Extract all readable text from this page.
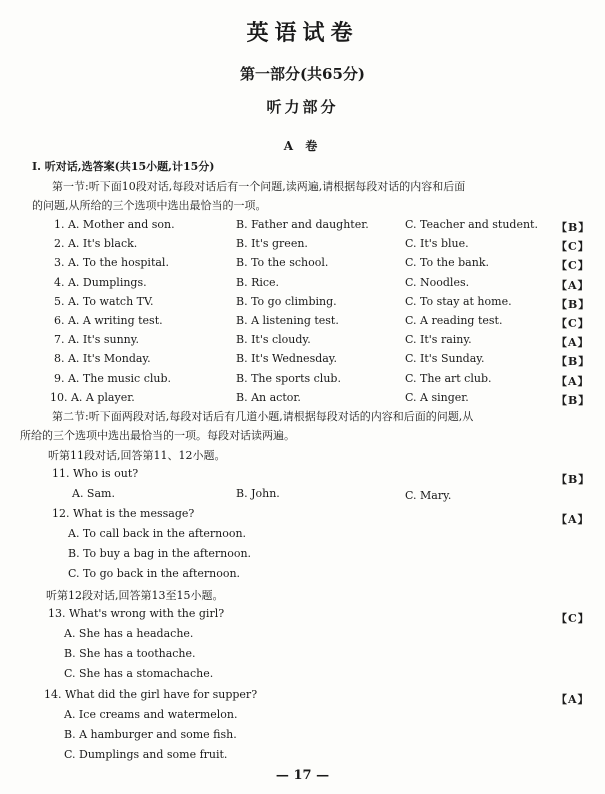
英语试卷
第一部分(共65分)
听力部分
A 卷
I. 听对话,选答案(共15小题,计15分)
第一节:听下面10段对话,每段对话后有一个问题,读两遍,请根据每段对话的内容和后面
的问题,从所给的三个选项中选出最恰当的一项。
1. A. Mother and son.	B. Father and daughter.	C. Teacher and student. 【B】
2. A. It's black.	B. It's green.	C. It's blue.	【C】
3. A. To the hospital.	B. To the school.	C. To the bank.	【C】
4. A. Dumplings.	B. Rice.	C. Noodles.	【A】
5. A. To watch TV.	B. To go climbing.	C. To stay at home.	【B】
6. A. A writing test.	B. A listening test.	C. A reading test.	【C】
7. A. It's sunny.	B. It's cloudy.	C. It's rainy.	【A】
8. A. It's Monday.	B. It's Wednesday.	C. It's Sunday.	【B】
9. A. The music club.	B. The sports club.	C. The art club.	【A】
10. A. A player.	B. An actor.	C. A singer.	【B】
第二节:听下面两段对话,每段对话后有几道小题,请根据每段对话的内容和后面的问题,从
所给的三个选项中选出最恰当的一项。每段对话读两遍。
听第11段对话,回答第11、12小题。
11. Who is out?	【B】
A. Sam.	B. John.	C. Mary.
12. What is the message?	【A】
A. To call back in the afternoon.
B. To buy a bag in the afternoon.
C. To go back in the afternoon.
听第12段对话,回答第13至15小题。
13. What's wrong with the girl?	【C】
A. She has a headache.
B. She has a toothache.
C. She has a stomachache.
14. What did the girl have for supper?	【A】
A. Ice creams and watermelon.
B. A hamburger and some fish.
C. Dumplings and some fruit.
— 17 —
